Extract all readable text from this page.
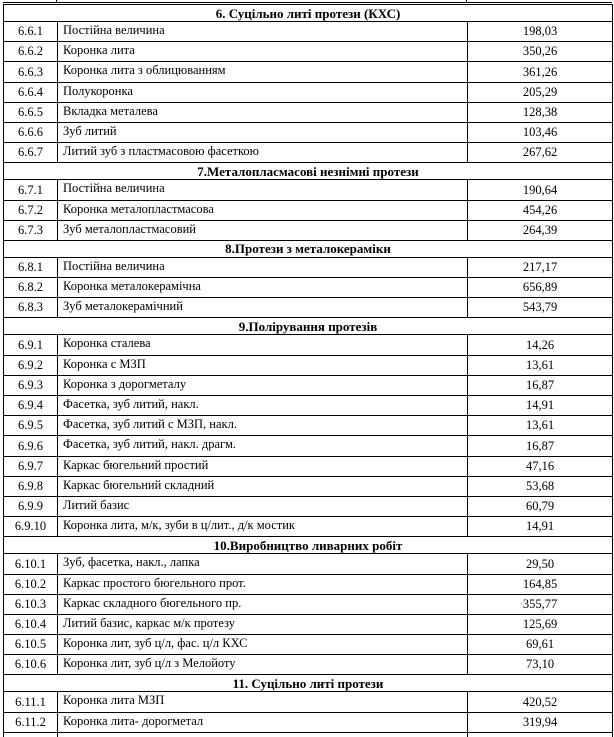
6. Суцільно литі протези (КХС)		
6.6.1	Постійна величина	198,03
6.6.2	Коронка лита	350,26
6.6.3	Коронка лита з облицюванням	361,26
6.6.4	Полукоронка	205,29
6.6.5	Вкладка металева	128,38
6.6.6	Зуб литий	103,46
6.6.7	Литий зуб з пластмасовою фасеткою	267,62
7.Металопласмасові незнімні протези		
6.7.1	Постійна величина	190,64
6.7.2	Коронка металопластмасова	454,26
6.7.3	Зуб металопластмасовий	264,39
8.Протези з металокераміки		
6.8.1	Постійна величина	217,17
6.8.2	Коронка металокерамічна	656,89
6.8.3	Зуб металокерамічний	543,79
9.Полірування протезів		
6.9.1	Коронка сталева	14,26
6.9.2	Коронка с МЗП	13,61
6.9.3	Коронка з дорогметалу	16,87
6.9.4	Фасетка, зуб литий, накл.	14,91
6.9.5	Фасетка, зуб литий с МЗП, накл.	13,61
6.9.6	Фасетка, зуб литий, накл. драгм.	16,87
6.9.7	Каркас бюгельний простий	47,16
6.9.8	Каркас бюгельний складний	53,68
6.9.9	Литий базис	60,79
6.9.10	Коронка лита, м/к, зуби в ц/лит., д/к мостик	14,91
10.Виробництво ливарних робіт		
6.10.1	Зуб, фасетка, накл., лапка	29,50
6.10.2	Каркас простого бюгельного прот.	164,85
6.10.3	Каркас складного бюгельного пр.	355,77
6.10.4	Литий базис, каркас м/к протезу	125,69
6.10.5	Коронка лит, зуб ц/л, фас. ц/л КХС	69,61
6.10.6	Коронка лит, зуб ц/л з Мелойоту	73,10
11. Суцільно литі протези		
6.11.1	Коронка лита МЗП	420,52
6.11.2	Коронка лита- дорогметал	319,94
